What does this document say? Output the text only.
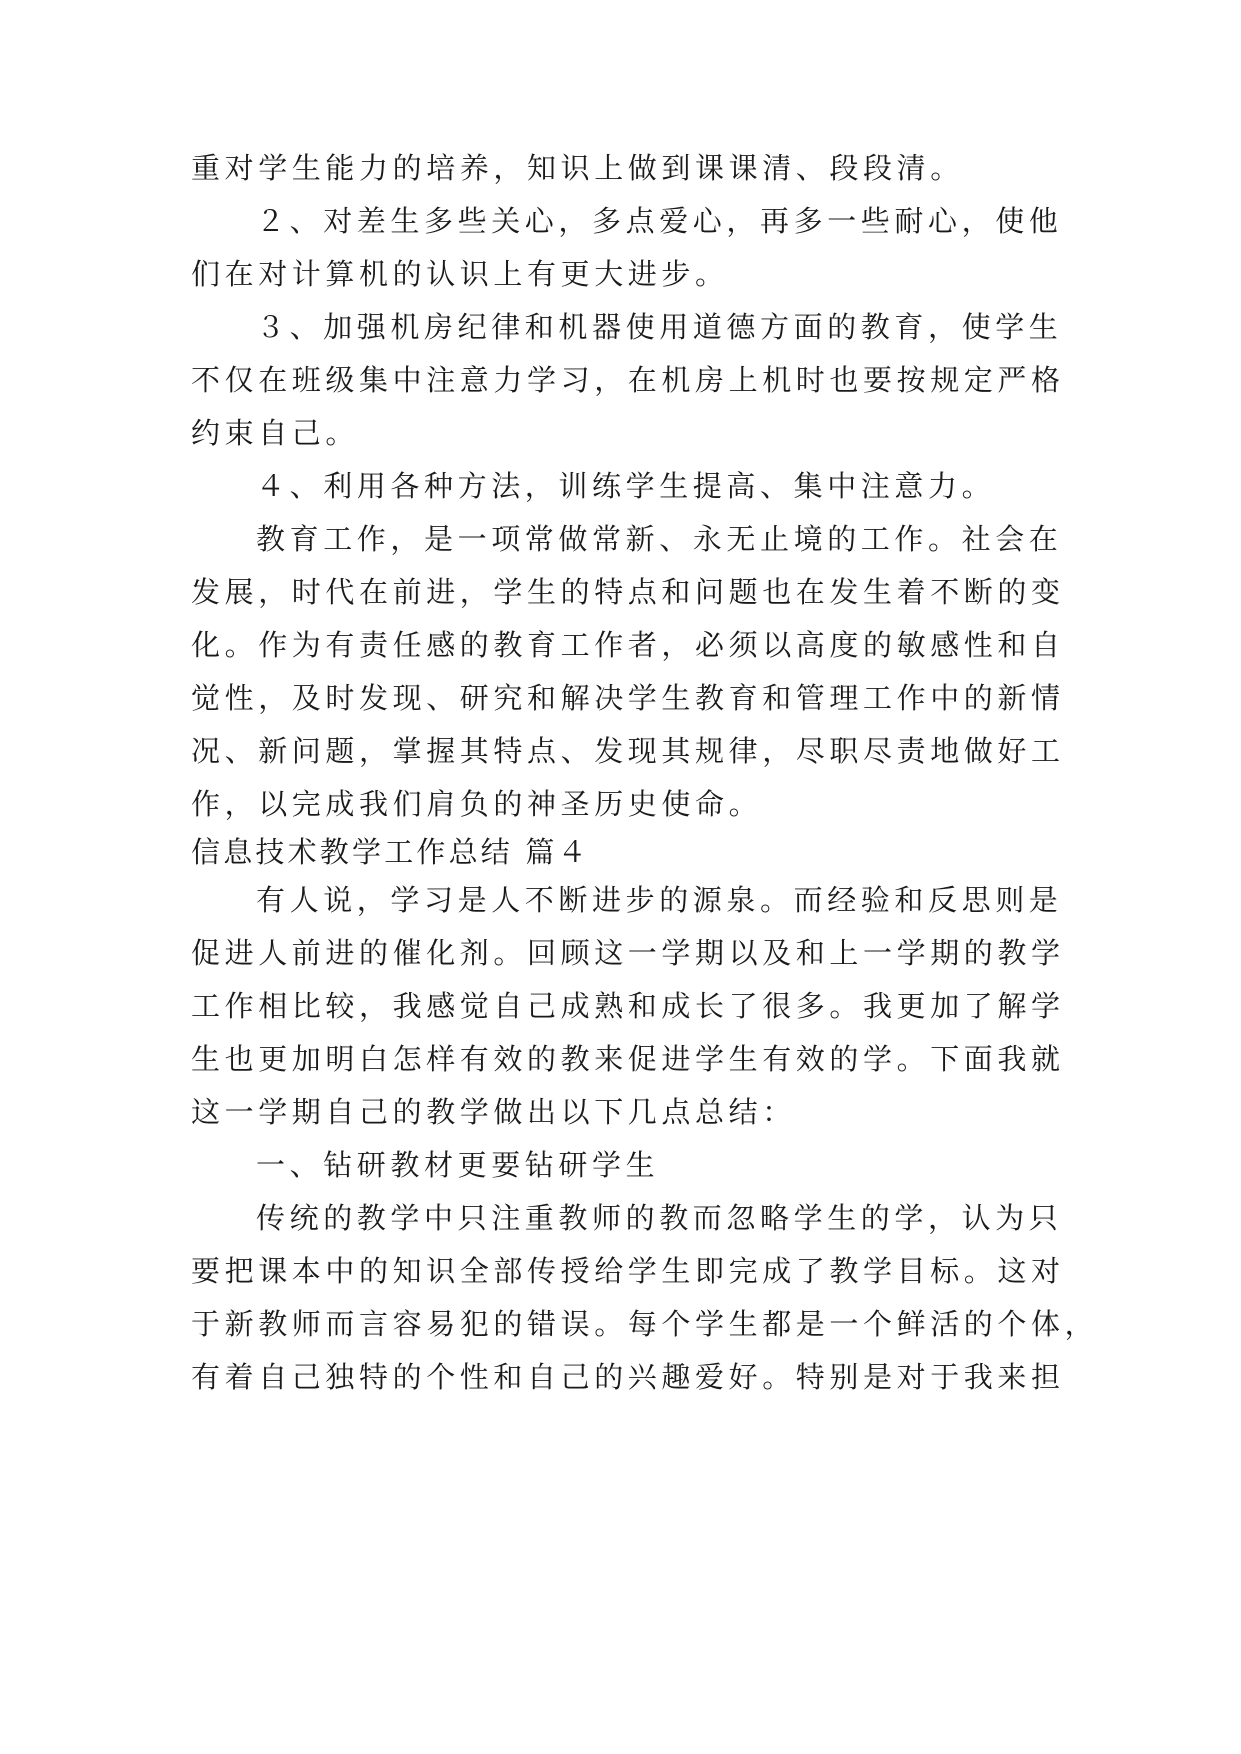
重对学生能力的培养，知识上做到课课清、段段清。
２、对差生多些关心，多点爱心，再多一些耐心，使他
们在对计算机的认识上有更大进步。
３、加强机房纪律和机器使用道德方面的教育，使学生
不仅在班级集中注意力学习，在机房上机时也要按规定严格
约束自己。
４、利用各种方法，训练学生提高、集中注意力。
教育工作，是一项常做常新、永无止境的工作。社会在
发展，时代在前进，学生的特点和问题也在发生着不断的变
化。作为有责任感的教育工作者，必须以高度的敏感性和自
觉性，及时发现、研究和解决学生教育和管理工作中的新情
况、新问题，掌握其特点、发现其规律，尽职尽责地做好工
作，以完成我们肩负的神圣历史使命。
信息技术教学工作总结 篇４
有人说，学习是人不断进步的源泉。而经验和反思则是
促进人前进的催化剂。回顾这一学期以及和上一学期的教学
工作相比较，我感觉自己成熟和成长了很多。我更加了解学
生也更加明白怎样有效的教来促进学生有效的学。下面我就
这一学期自己的教学做出以下几点总结：
一、钻研教材更要钻研学生
传统的教学中只注重教师的教而忽略学生的学，认为只
要把课本中的知识全部传授给学生即完成了教学目标。这对
于新教师而言容易犯的错误。每个学生都是一个鲜活的个体，
有着自己独特的个性和自己的兴趣爱好。特别是对于我来担
